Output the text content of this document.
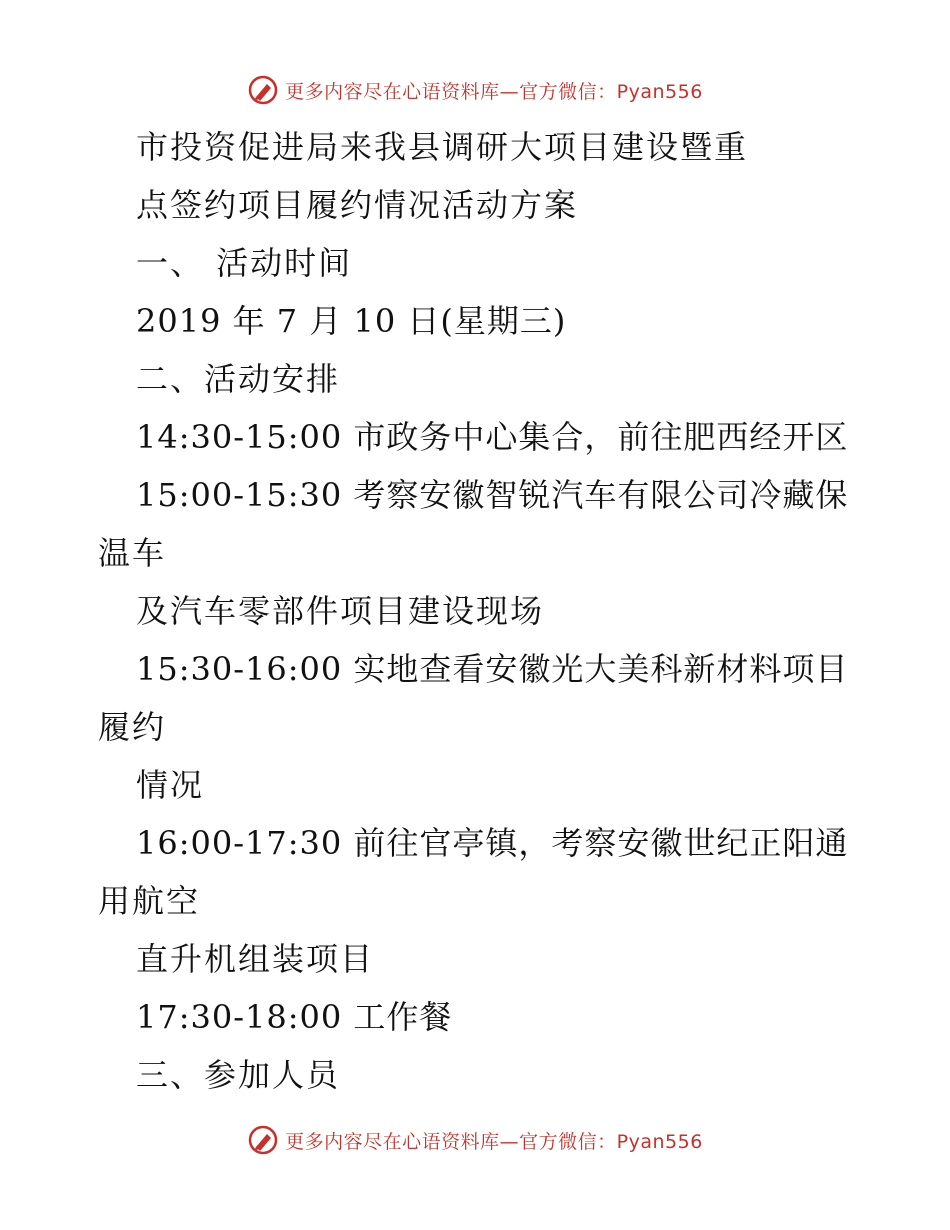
更多内容尽在心语资料库—官方微信：Pyan556
市投资促进局来我县调研大项目建设暨重
点签约项目履约情况活动方案
一、 活动时间
2019 年 7 月 10 日(星期三)
二、活动安排
14:30-15:00 市政务中心集合，前往肥西经开区
15:00-15:30 考察安徽智锐汽车有限公司冷藏保
温车
及汽车零部件项目建设现场
15:30-16:00 实地查看安徽光大美科新材料项目
履约
情况
16:00-17:30 前往官亭镇，考察安徽世纪正阳通
用航空
直升机组装项目
17:30-18:00 工作餐
三、参加人员
更多内容尽在心语资料库—官方微信：Pyan556
